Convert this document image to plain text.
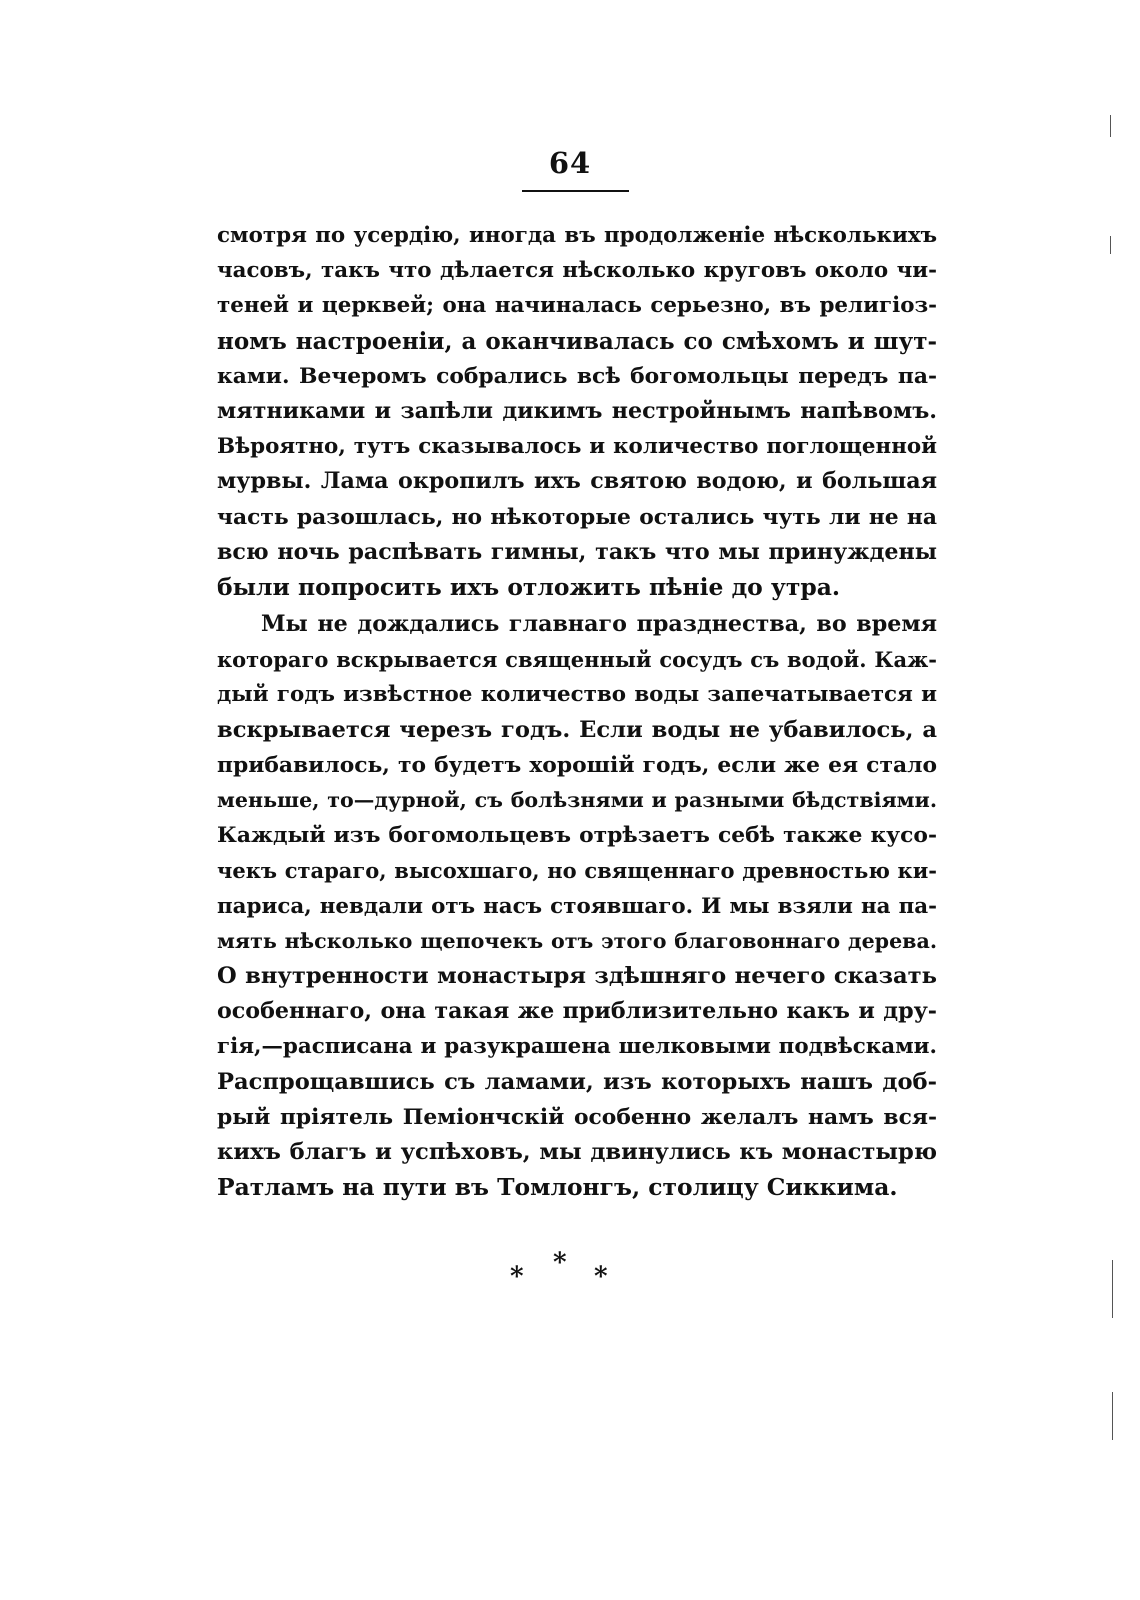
64
смотря по усердію, иногда въ продолженіе нѣсколькихъ
часовъ, такъ что дѣлается нѣсколько круговъ около чи-
теней и церквей; она начиналась серьезно, въ религіоз-
номъ настроеніи, а оканчивалась со смѣхомъ и шут-
ками. Вечеромъ собрались всѣ богомольцы передъ па-
мятниками и запѣли дикимъ нестройнымъ напѣвомъ.
Вѣроятно, тутъ сказывалось и количество поглощенной
мурвы. Лама окропилъ ихъ святою водою, и большая
часть разошлась, но нѣкоторые остались чуть ли не на
всю ночь распѣвать гимны, такъ что мы принуждены
были попросить ихъ отложить пѣніе до утра.
Мы не дождались главнаго празднества, во время
котораго вскрывается священный сосудъ съ водой. Каж-
дый годъ извѣстное количество воды запечатывается и
вскрывается черезъ годъ. Если воды не убавилось, а
прибавилось, то будетъ хорошій годъ, если же ея стало
меньше, то—дурной, съ болѣзнями и разными бѣдствіями.
Каждый изъ богомольцевъ отрѣзаетъ себѣ также кусо-
чекъ стараго, высохшаго, но священнаго древностью ки-
париса, невдали отъ насъ стоявшаго. И мы взяли на па-
мять нѣсколько щепочекъ отъ этого благовоннаго дерева.
О внутренности монастыря здѣшняго нечего сказать
особеннаго, она такая же приблизительно какъ и дру-
гія,—расписана и разукрашена шелковыми подвѣсками.
Распрощавшись съ ламами, изъ которыхъ нашъ доб-
рый пріятель Пеміончскій особенно желалъ намъ вся-
кихъ благъ и успѣховъ, мы двинулись къ монастырю
Ратламъ на пути въ Томлонгъ, столицу Сиккима.
* * *
